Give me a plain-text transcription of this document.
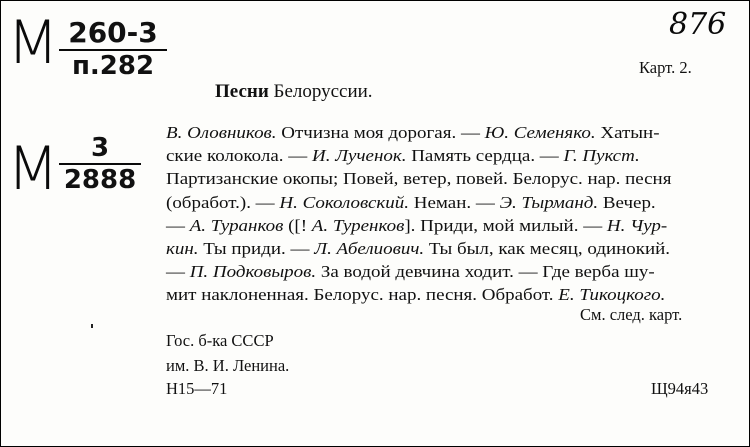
M 260-3
п.282
M	3
2888
876
Карт. 2.
Песни Белоруссии.
В. Оловников. Отчизна моя дорогая. — Ю. Семеняко. Хатын-
ские колокола. — И. Лученок. Память сердца. — Г. Пукст.
Партизанские окопы; Повей, ветер, повей. Белорус. нар. песня
(обработ.). — Н. Соколовский. Неман. — Э. Тырманд. Вечер.
— А. Туранков ([! А. Туренков]. Приди, мой милый. — Н. Чур-
кин. Ты приди. — Л. Абелиович. Ты был, как месяц, одинокий.
— П. Подковыров. За водой девчина ходит. — Где верба шу-
мит наклоненная. Белорус. нар. песня. Обработ. Е. Тикоцкого.
См. след. карт.
Гос. б-ка СССР
им. В. И. Ленина.
Н15—71	Щ94я43
